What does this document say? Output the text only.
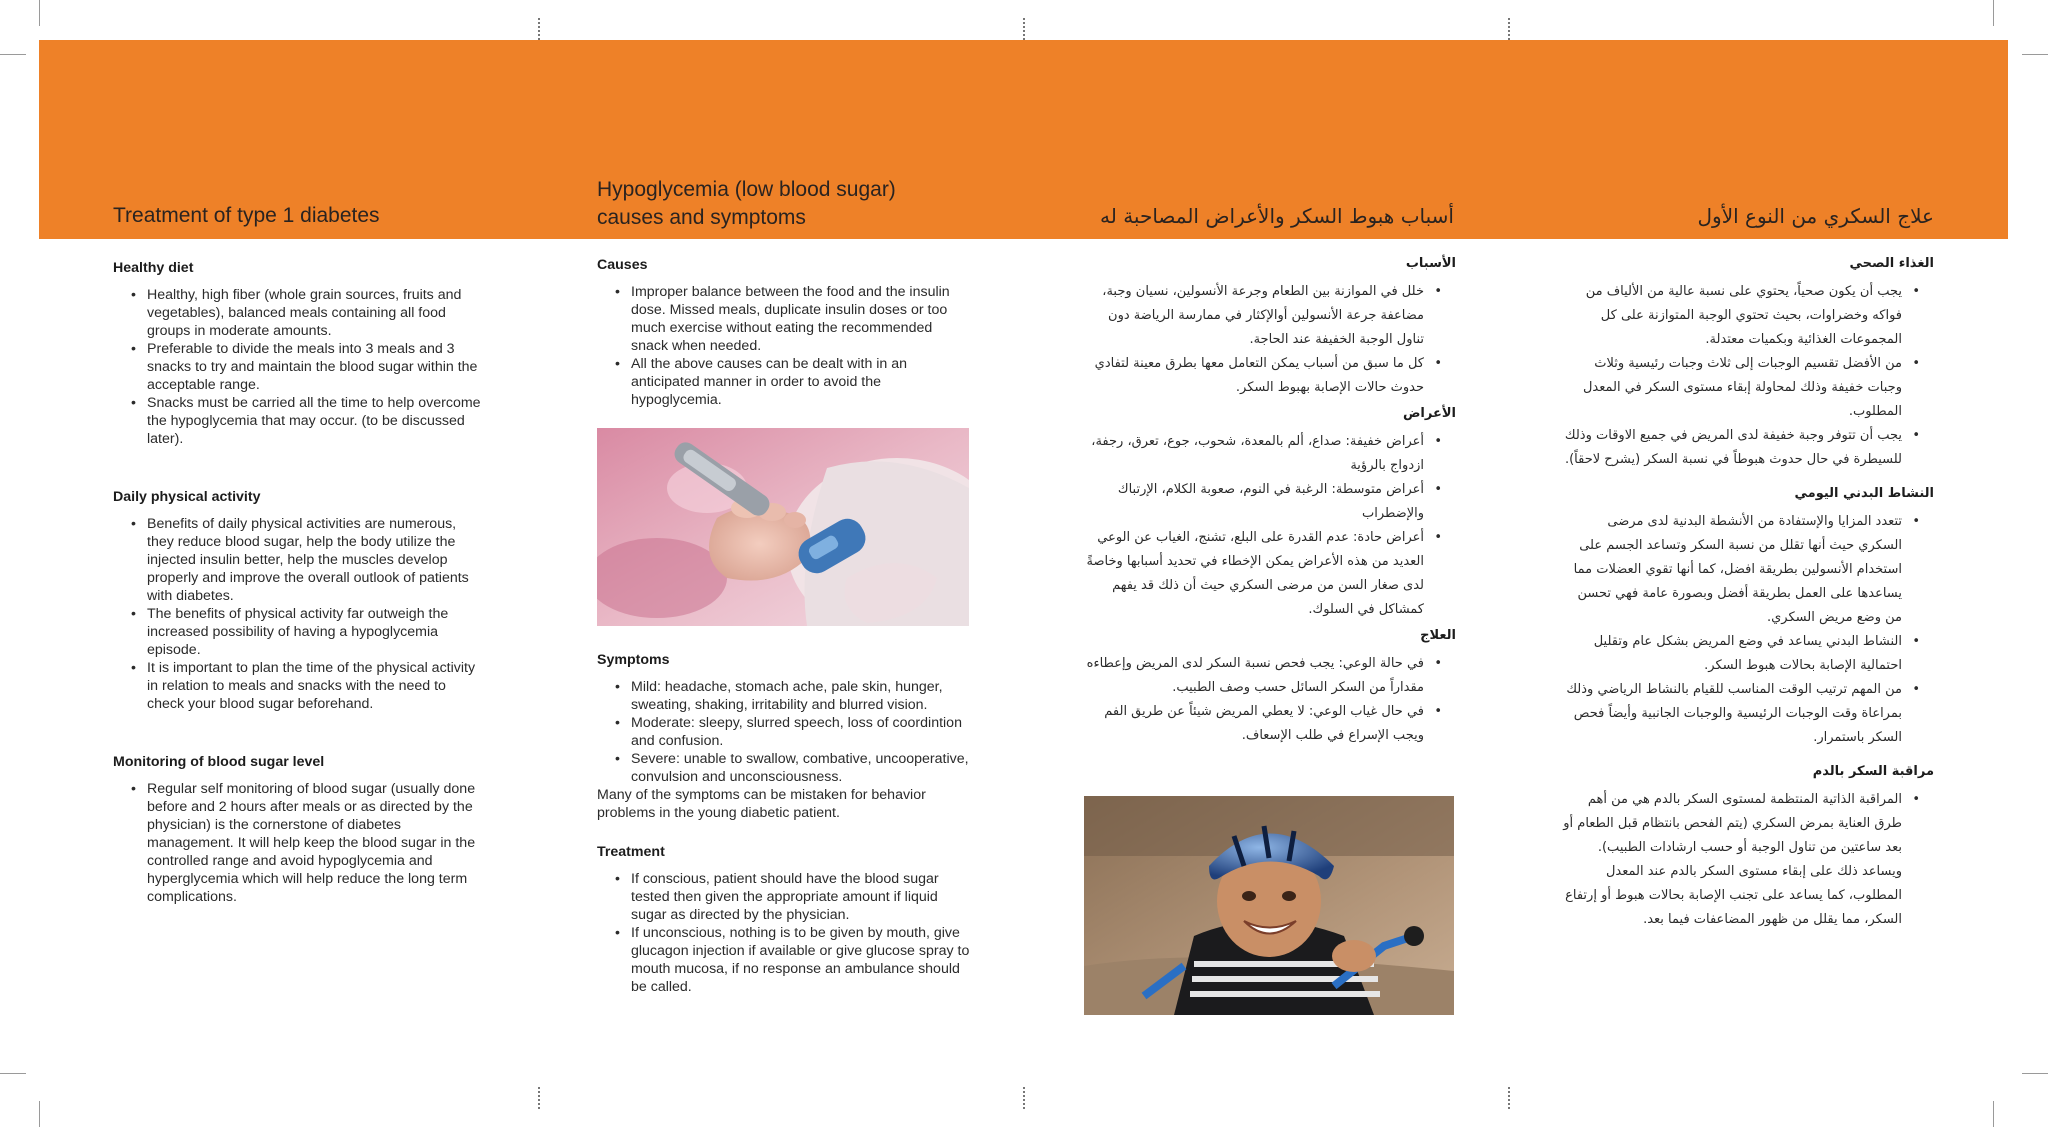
Treatment of type 1 diabetes
Hypoglycemia (low blood sugar)
causes and symptoms	أسباب هبوط السكر والأعراض المصاحبة له	علاج السكري من النوع الأول
Healthy diet
• Healthy, high fiber (whole grain sources, fruits and vegetables), balanced meals containing all food groups in moderate amounts.
• Preferable to divide the meals into 3 meals and 3 snacks to try and maintain the blood sugar within the acceptable range.
• Snacks must be carried all the time to help overcome the hypoglycemia that may occur. (to be discussed later).
Daily physical activity
• Benefits of daily physical activities are numerous, they reduce blood sugar, help the body utilize the injected insulin better, help the muscles develop properly and improve the overall outlook of patients with diabetes.
• The benefits of physical activity far outweigh the increased possibility of having a hypoglycemia episode.
• It is important to plan the time of the physical activity in relation to meals and snacks with the need to check your blood sugar beforehand.
Monitoring of blood sugar level
• Regular self monitoring of blood sugar (usually done before and 2 hours after meals or as directed by the physician) is the cornerstone of diabetes management. It will help keep the blood sugar in the controlled range and avoid hypoglycemia and hyperglycemia which will help reduce the long term complications.
Causes
• Improper balance between the food and the insulin dose. Missed meals, duplicate insulin doses or too much exercise without eating the recommended snack when needed.
• All the above causes can be dealt with in an anticipated manner in order to avoid the hypoglycemia.
Symptoms
• Mild: headache, stomach ache, pale skin, hunger, sweating, shaking, irritability and blurred vision.
• Moderate: sleepy, slurred speech, loss of coordintion and confusion.
• Severe: unable to swallow, combative, uncooperative, convulsion and unconsciousness.

Many of the symptoms can be mistaken for behavior problems in the young diabetic patient.

Treatment
• If conscious, patient should have the blood sugar tested then given the appropriate amount if liquid sugar as directed by the physician.
• If unconscious, nothing is to be given by mouth, give glucagon injection if available or give glucose spray to mouth mucosa, if no response an ambulance should be called.
الأسباب
• خلل في الموازنة بين الطعام وجرعة الأنسولين، نسيان وجبة، مضاعفة جرعة الأنسولين أوالإكثار في ممارسة الرياضة دون تناول الوجبة الخفيفة عند الحاجة.
• كل ما سبق من أسباب يمكن التعامل معها بطرق معينة لتفادي حدوث حالات الإصابة بهبوط السكر.
الأعراض
• أعراض خفيفة: صداع، ألم بالمعدة، شحوب، جوع، تعرق، رجفة، ازدواج بالرؤية
• أعراض متوسطة: الرغبة في النوم، صعوبة الكلام، الإرتباك والإضطراب
• أعراض حادة: عدم القدرة على البلع، تشنج، الغياب عن الوعي العديد من هذه الأعراض يمكن الإخطاء في تحديد أسبابها وخاصةً لدى صغار السن من مرضى السكري حيث أن ذلك قد يفهم كمشاكل في السلوك.
العلاج
• في حالة الوعي: يجب فحص نسبة السكر لدى المريض وإعطاءه مقداراً من السكر السائل حسب وصف الطبيب.
• في حال غياب الوعي: لا يعطي المريض شيئاً عن طريق الفم ويجب الإسراع في طلب الإسعاف.
الغذاء الصحي
• يجب أن يكون صحياً، يحتوي على نسبة عالية من الألياف من فواكه وخضراوات، بحيث تحتوي الوجبة المتوازنة على كل المجموعات الغذائية وبكميات معتدلة.
• من الأفضل تقسيم الوجبات إلى ثلاث وجبات رئيسية وثلاث وجبات خفيفة وذلك لمحاولة إبقاء مستوى السكر في المعدل المطلوب.
• يجب أن تتوفر وجبة خفيفة لدى المريض في جميع الاوقات وذلك للسيطرة في حال حدوث هبوطاً في نسبة السكر (يشرح لاحقاً).
النشاط البدني اليومي
• تتعدد المزايا والإستفادة من الأنشطة البدنية لدى مرضى السكري حيث أنها تقلل من نسبة السكر وتساعد الجسم على استخدام الأنسولين بطريقة افضل، كما أنها تقوي العضلات مما يساعدها على العمل بطريقة أفضل وبصورة عامة فهي تحسن من وضع مريض السكري.
• النشاط البدني يساعد في وضع المريض بشكل عام وتقليل احتمالية الإصابة بحالات هبوط السكر.
• من المهم ترتيب الوقت المناسب للقيام بالنشاط الرياضي وذلك بمراعاة وقت الوجبات الرئيسية والوجبات الجانبية وأيضاً فحص السكر باستمرار.
مراقبة السكر بالدم
• المراقبة الذاتية المنتظمة لمستوى السكر بالدم هي من أهم طرق العناية بمرض السكري (يتم الفحص بانتظام قبل الطعام أو بعد ساعتين من تناول الوجبة أو حسب ارشادات الطبيب). ويساعد ذلك على إبقاء مستوى السكر بالدم عند المعدل المطلوب، كما يساعد على تجنب الإصابة بحالات هبوط أو إرتفاع السكر، مما يقلل من ظهور المضاعفات فيما بعد.
